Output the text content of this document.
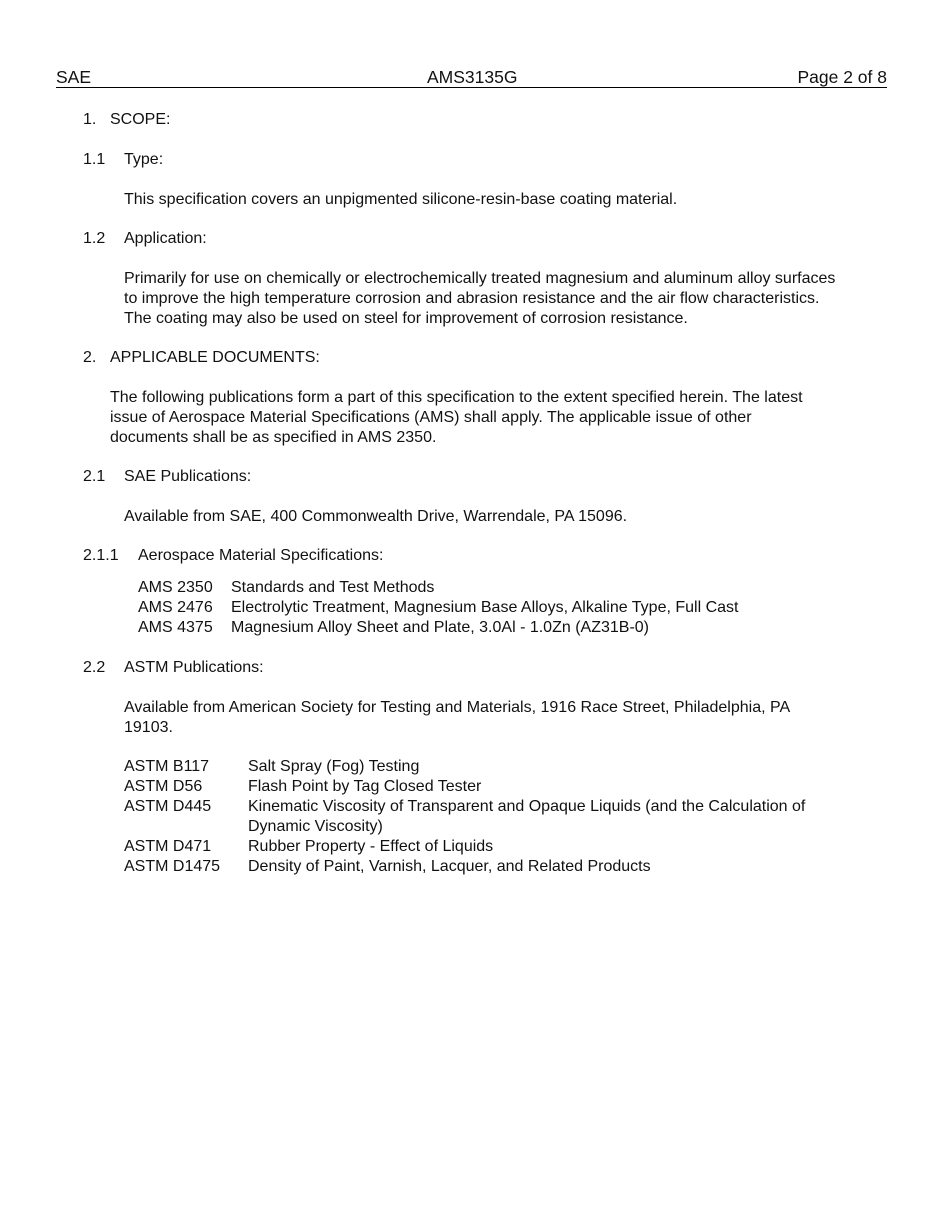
SAE	AMS3135G	Page 2 of 8
1. SCOPE:
1.1 Type:
This specification covers an unpigmented silicone-resin-base coating material.
1.2 Application:
Primarily for use on chemically or electrochemically treated magnesium and aluminum alloy surfaces
to improve the high temperature corrosion and abrasion resistance and the air flow characteristics.
The coating may also be used on steel for improvement of corrosion resistance.
2. APPLICABLE DOCUMENTS:
The following publications form a part of this specification to the extent specified herein. The latest
issue of Aerospace Material Specifications (AMS) shall apply. The applicable issue of other
documents shall be as specified in AMS 2350.
2.1 SAE Publications:
Available from SAE, 400 Commonwealth Drive, Warrendale, PA 15096.
2.1.1 Aerospace Material Specifications:
AMS 2350 Standards and Test Methods
AMS 2476 Electrolytic Treatment, Magnesium Base Alloys, Alkaline Type, Full Cast
AMS 4375 Magnesium Alloy Sheet and Plate, 3.0Al - 1.0Zn (AZ31B-0)
2.2 ASTM Publications:
Available from American Society for Testing and Materials, 1916 Race Street, Philadelphia, PA
19103.
ASTM B117 Salt Spray (Fog) Testing
ASTM D56	Flash Point by Tag Closed Tester
ASTM D445 Kinematic Viscosity of Transparent and Opaque Liquids (and the Calculation of
Dynamic Viscosity)
ASTM D471 Rubber Property - Effect of Liquids
ASTM D1475 Density of Paint, Varnish, Lacquer, and Related Products
